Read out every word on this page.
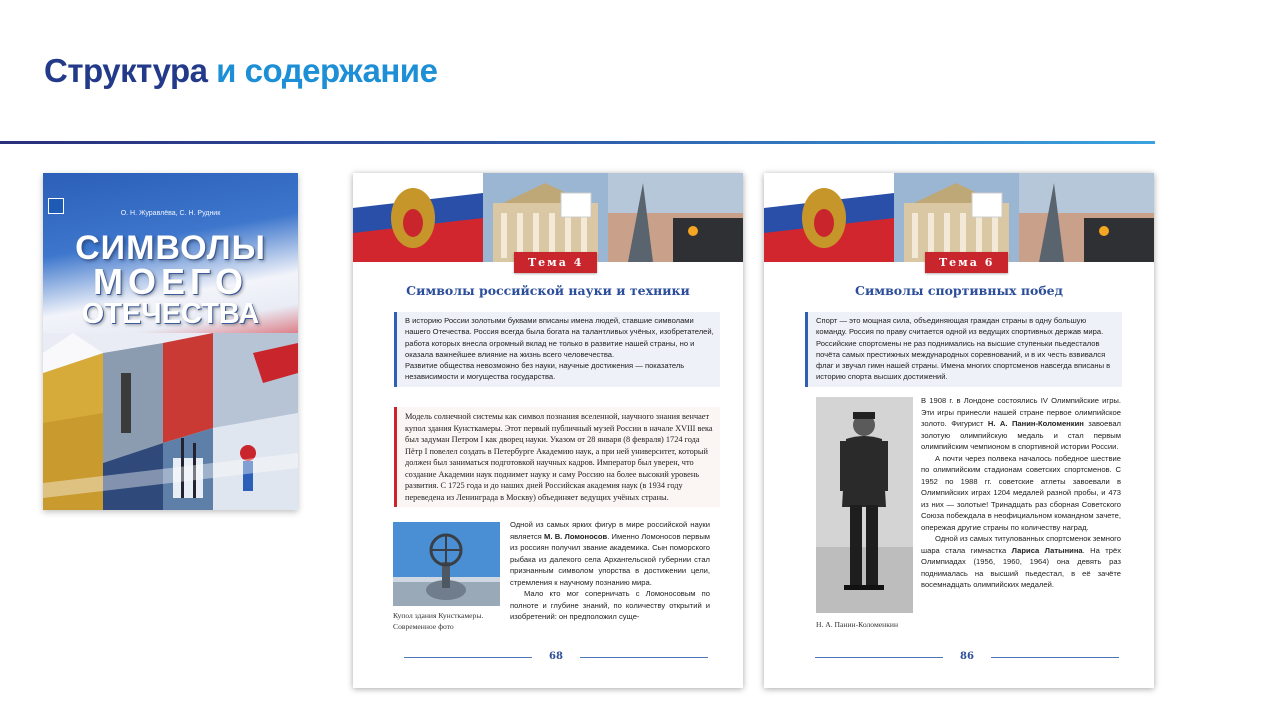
Структура и содержание
О. Н. Журавлёва, С. Н. Рудник
СИМВОЛЫ
МОЕГО
ОТЕЧЕСТВА
Тема 4
Символы российской науки и техники

В историю России золотыми буквами вписаны имена людей, ставшие символами нашего Отечества. Россия всегда была богата на талантливых учёных, изобретателей, работа которых внесла огромный вклад не только в развитие нашей страны, но и оказала важнейшее влияние на жизнь всего человечества.

Развитие общества невозможно без науки, научные достижения — показатель независимости и могущества государства.

Модель солнечной системы как символ познания вселенной, научного знания венчает купол здания Кунсткамеры. Этот первый публичный музей России в начале XVIII века был задуман Петром I как дворец науки. Указом от 28 января (8 февраля) 1724 года Пётр I повелел создать в Петербурге Академию наук, а при ней университет, который должен был заниматься подготовкой научных кадров. Император был уверен, что создание Академии наук поднимет науку и саму Россию на более высокий уровень развития. С 1725 года и до наших дней Российская академия наук (в 1934 году переведена из Ленинграда в Москву) объединяет ведущих учёных страны.
Купол здания Кунсткамеры. Современное фото

Одной из самых ярких фигур в мире российской науки является М. В. Ломоносов. Именно Ломоносов первым из россиян получил звание академика. Сын поморского рыбака из далекого села Архангельской губернии стал признанным символом упорства в достижении цели, стремления к научному познанию мира.

Мало кто мог соперничать с Ломоносовым по полноте и глубине знаний, по количеству открытий и изобретений: он предположил суще-

68
Тема 6
Символы спортивных побед
Спорт — это мощная сила, объединяющая граждан страны в одну большую команду. Россия по праву считается одной из ведущих спортивных держав мира. Российские спортсмены не раз поднимались на высшие ступеньки пьедесталов почёта самых престижных международных соревнований, и в их честь взвивался флаг и звучал гимн нашей страны. Имена многих спортсменов навсегда вписаны в историю спорта высших достижений.
Н. А. Панин-Коломенкин

В 1908 г. в Лондоне состоялись IV Олимпийские игры. Эти игры принесли нашей стране первое олимпийское золото. Фигурист Н. А. Панин-Коломенкин завоевал золотую олимпийскую медаль и стал первым олимпийским чемпионом в спортивной истории России.

А почти через полвека началось победное шествие по олимпийским стадионам советских спортсменов. С 1952 по 1988 гг. советские атлеты завоевали в Олимпийских играх 1204 медалей разной пробы, и 473 из них — золотые! Тринадцать раз сборная Советского Союза побеждала в неофициальном командном зачете, опережая другие страны по количеству наград.

Одной из самых титулованных спортсменок земного шара стала гимнастка Лариса Латынина. На трёх Олимпиадах (1956, 1960, 1964) она девять раз поднималась на высший пьедестал, в её зачёте восемнадцать олимпийских медалей.

86
